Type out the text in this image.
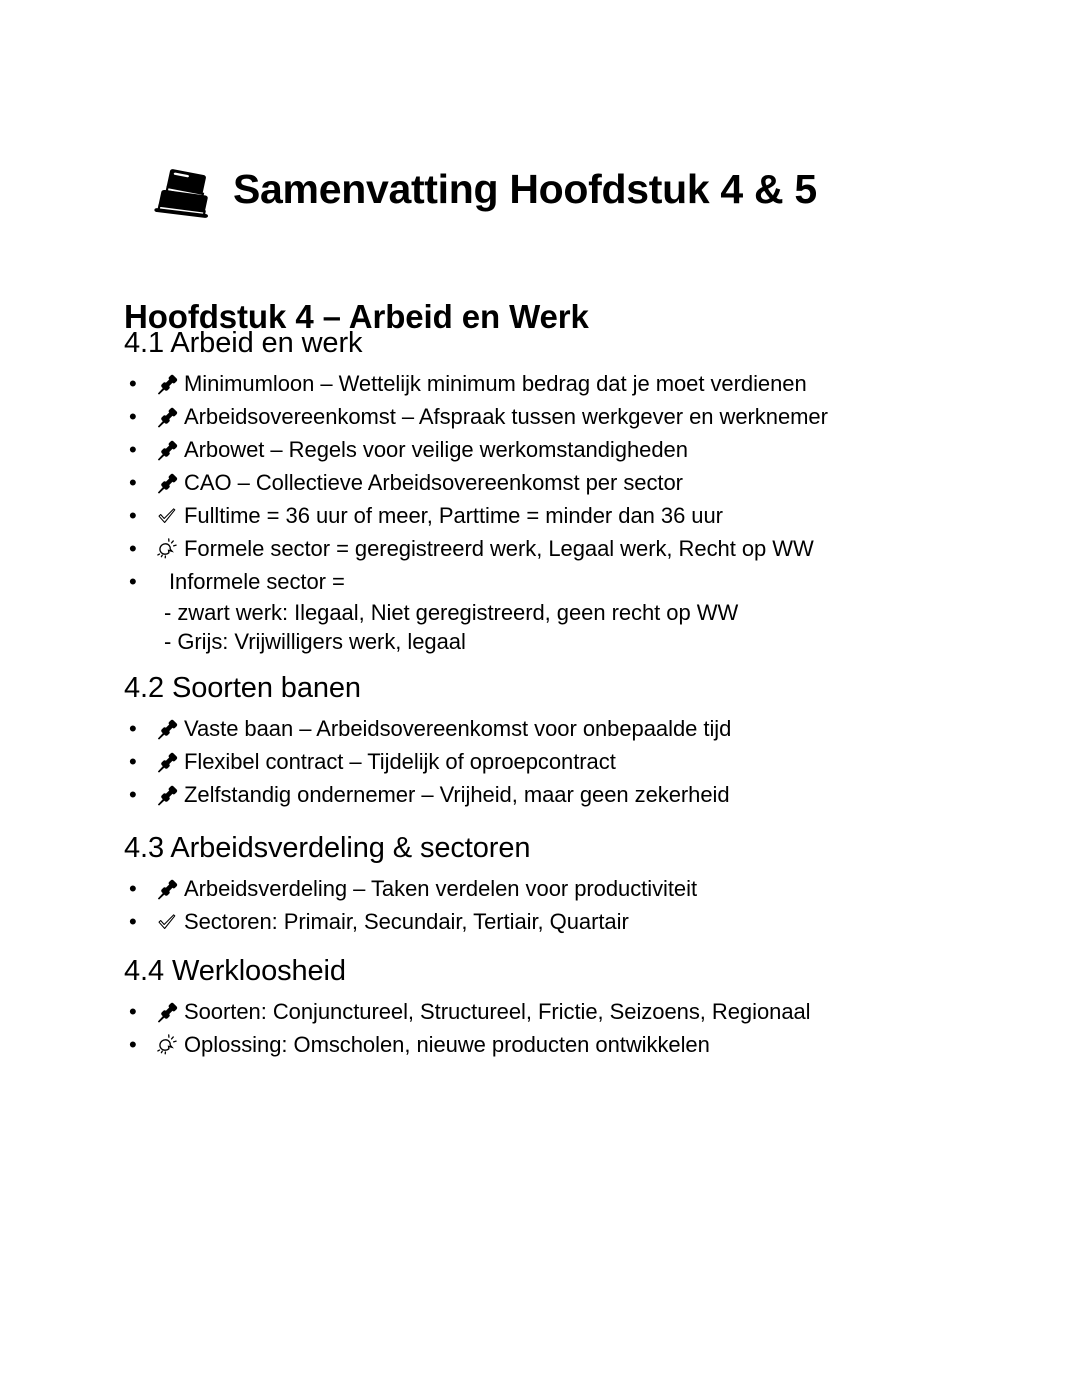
Samenvatting Hoofdstuk 4 & 5
Hoofdstuk 4 – Arbeid en Werk
4.1 Arbeid en werk
•	Minimumloon – Wettelijk minimum bedrag dat je moet verdienen
•	Arbeidsovereenkomst – Afspraak tussen werkgever en werknemer
•	Arbowet – Regels voor veilige werkomstandigheden
•	CAO – Collectieve Arbeidsovereenkomst per sector
•	Fulltime = 36 uur of meer, Parttime = minder dan 36 uur
•	Formele sector = geregistreerd werk, Legaal werk, Recht op WW
•	Informele sector =
- zwart werk: Ilegaal, Niet geregistreerd, geen recht op WW
- Grijs: Vrijwilligers werk, legaal
4.2 Soorten banen
•	Vaste baan – Arbeidsovereenkomst voor onbepaalde tijd
•	Flexibel contract – Tijdelijk of oproepcontract
•	Zelfstandig ondernemer – Vrijheid, maar geen zekerheid
4.3 Arbeidsverdeling & sectoren
•	Arbeidsverdeling – Taken verdelen voor productiviteit
•	Sectoren: Primair, Secundair, Tertiair, Quartair
4.4 Werkloosheid
•	Soorten: Conjunctureel, Structureel, Frictie, Seizoens, Regionaal
•	Oplossing: Omscholen, nieuwe producten ontwikkelen
